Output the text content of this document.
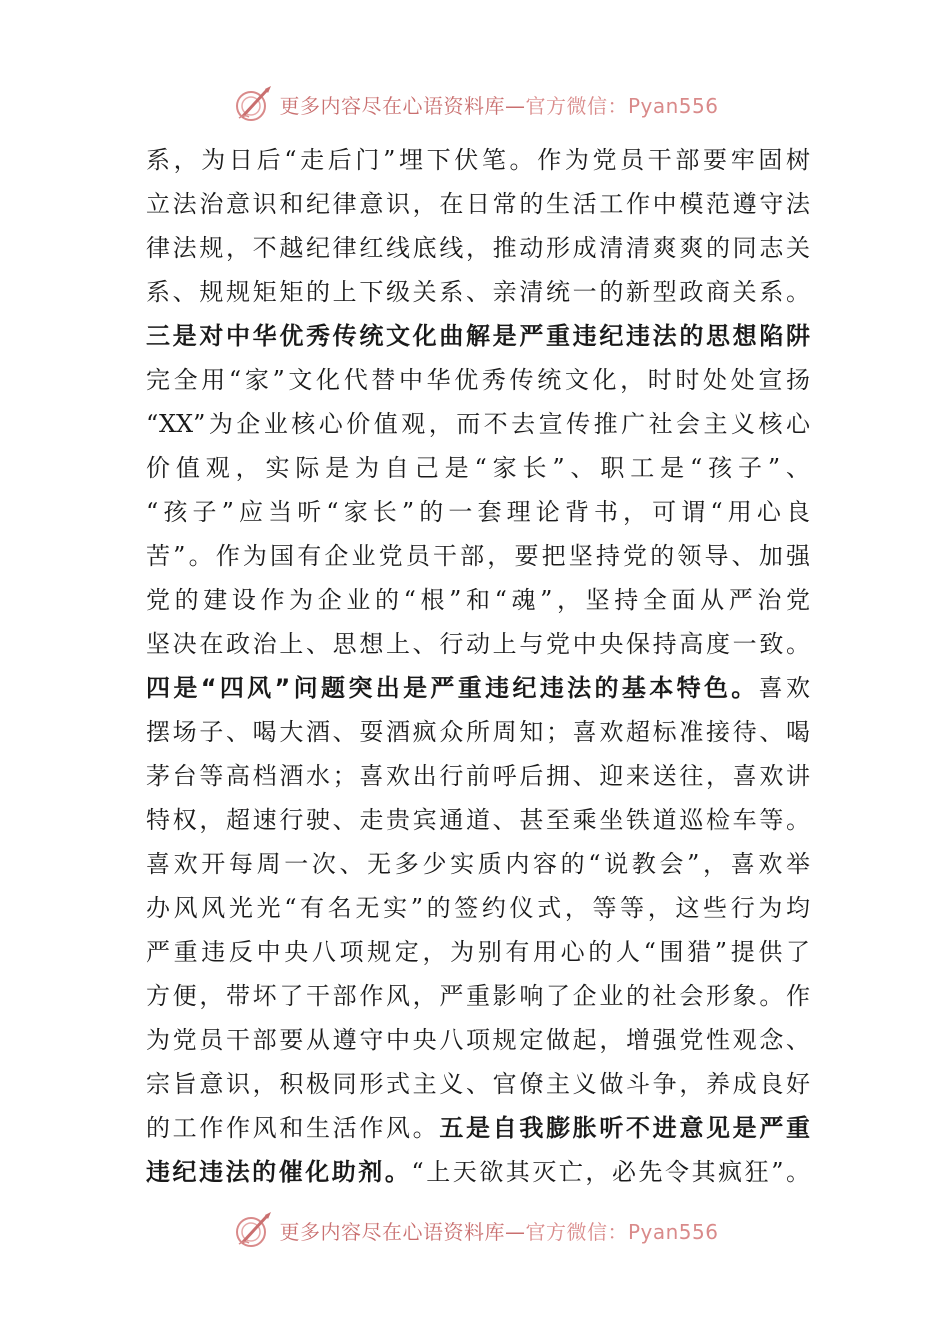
更多内容尽在心语资料库—官方微信：Pyan556
系，为日后“走后门”埋下伏笔。作为党员干部要牢固树
立法治意识和纪律意识，在日常的生活工作中模范遵守法
律法规，不越纪律红线底线，推动形成清清爽爽的同志关
系、规规矩矩的上下级关系、亲清统一的新型政商关系。
三是对中华优秀传统文化曲解是严重违纪违法的思想陷阱
完全用“家”文化代替中华优秀传统文化，时时处处宣扬
“XX”为企业核心价值观，而不去宣传推广社会主义核心
价值观，实际是为自己是“家长”、职工是“孩子”、
“孩子”应当听“家长”的一套理论背书，可谓“用心良
苦”。作为国有企业党员干部，要把坚持党的领导、加强
党的建设作为企业的“根”和“魂”，坚持全面从严治党
坚决在政治上、思想上、行动上与党中央保持高度一致。
四是“四风”问题突出是严重违纪违法的基本特色。喜欢
摆场子、喝大酒、耍酒疯众所周知；喜欢超标准接待、喝
茅台等高档酒水；喜欢出行前呼后拥、迎来送往，喜欢讲
特权，超速行驶、走贵宾通道、甚至乘坐铁道巡检车等。
喜欢开每周一次、无多少实质内容的“说教会”，喜欢举
办风风光光“有名无实”的签约仪式，等等，这些行为均
严重违反中央八项规定，为别有用心的人“围猎”提供了
方便，带坏了干部作风，严重影响了企业的社会形象。作
为党员干部要从遵守中央八项规定做起，增强党性观念、
宗旨意识，积极同形式主义、官僚主义做斗争，养成良好
的工作作风和生活作风。五是自我膨胀听不进意见是严重
违纪违法的催化助剂。“上天欲其灭亡，必先令其疯狂”。
更多内容尽在心语资料库—官方微信：Pyan556
